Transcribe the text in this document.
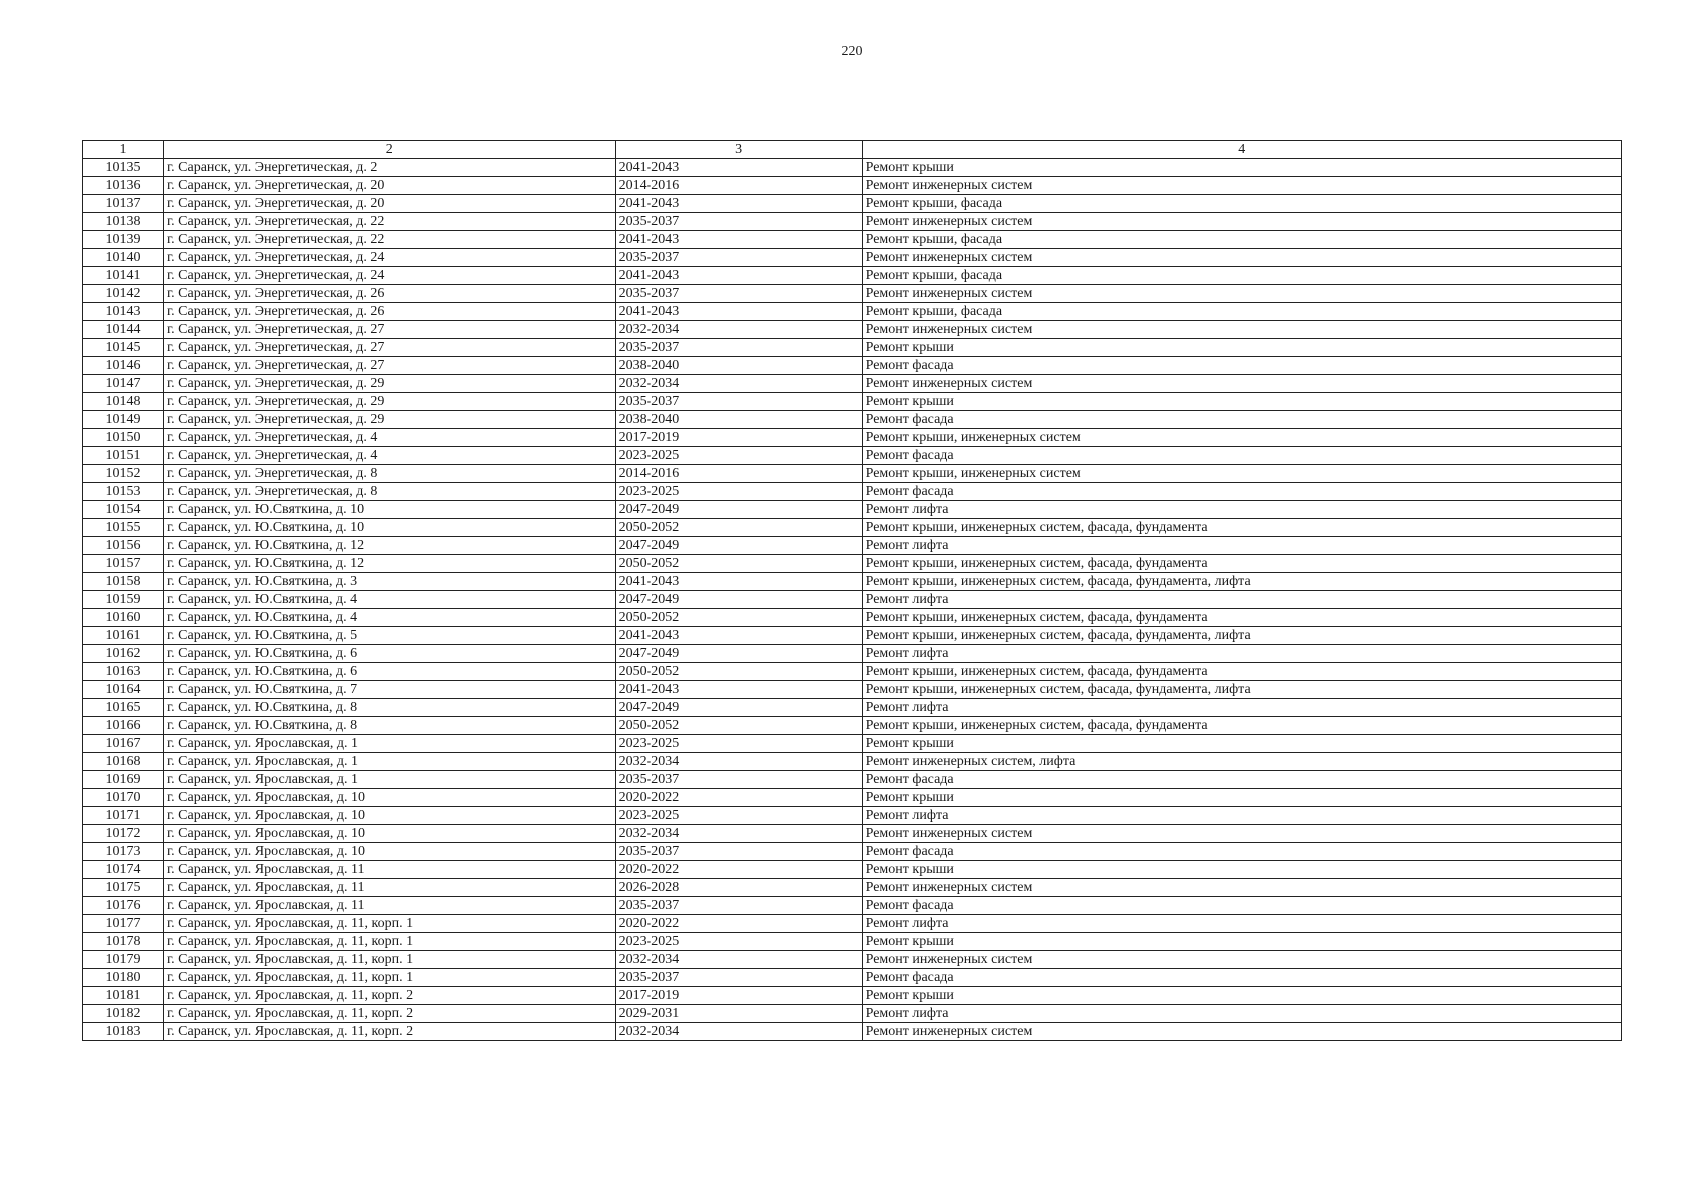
220
1	2	3	4
10135	г. Саранск, ул. Энергетическая, д. 2	2041-2043	Ремонт крыши
10136	г. Саранск, ул. Энергетическая, д. 20	2014-2016	Ремонт инженерных систем
10137	г. Саранск, ул. Энергетическая, д. 20	2041-2043	Ремонт крыши, фасада
10138	г. Саранск, ул. Энергетическая, д. 22	2035-2037	Ремонт инженерных систем
10139	г. Саранск, ул. Энергетическая, д. 22	2041-2043	Ремонт крыши, фасада
10140	г. Саранск, ул. Энергетическая, д. 24	2035-2037	Ремонт инженерных систем
10141	г. Саранск, ул. Энергетическая, д. 24	2041-2043	Ремонт крыши, фасада
10142	г. Саранск, ул. Энергетическая, д. 26	2035-2037	Ремонт инженерных систем
10143	г. Саранск, ул. Энергетическая, д. 26	2041-2043	Ремонт крыши, фасада
10144	г. Саранск, ул. Энергетическая, д. 27	2032-2034	Ремонт инженерных систем
10145	г. Саранск, ул. Энергетическая, д. 27	2035-2037	Ремонт крыши
10146	г. Саранск, ул. Энергетическая, д. 27	2038-2040	Ремонт фасада
10147	г. Саранск, ул. Энергетическая, д. 29	2032-2034	Ремонт инженерных систем
10148	г. Саранск, ул. Энергетическая, д. 29	2035-2037	Ремонт крыши
10149	г. Саранск, ул. Энергетическая, д. 29	2038-2040	Ремонт фасада
10150	г. Саранск, ул. Энергетическая, д. 4	2017-2019	Ремонт крыши, инженерных систем
10151	г. Саранск, ул. Энергетическая, д. 4	2023-2025	Ремонт фасада
10152	г. Саранск, ул. Энергетическая, д. 8	2014-2016	Ремонт крыши, инженерных систем
10153	г. Саранск, ул. Энергетическая, д. 8	2023-2025	Ремонт фасада
10154	г. Саранск, ул. Ю.Святкина, д. 10	2047-2049	Ремонт лифта
10155	г. Саранск, ул. Ю.Святкина, д. 10	2050-2052	Ремонт крыши, инженерных систем, фасада, фундамента
10156	г. Саранск, ул. Ю.Святкина, д. 12	2047-2049	Ремонт лифта
10157	г. Саранск, ул. Ю.Святкина, д. 12	2050-2052	Ремонт крыши, инженерных систем, фасада, фундамента
10158	г. Саранск, ул. Ю.Святкина, д. 3	2041-2043	Ремонт крыши, инженерных систем, фасада, фундамента, лифта
10159	г. Саранск, ул. Ю.Святкина, д. 4	2047-2049	Ремонт лифта
10160	г. Саранск, ул. Ю.Святкина, д. 4	2050-2052	Ремонт крыши, инженерных систем, фасада, фундамента
10161	г. Саранск, ул. Ю.Святкина, д. 5	2041-2043	Ремонт крыши, инженерных систем, фасада, фундамента, лифта
10162	г. Саранск, ул. Ю.Святкина, д. 6	2047-2049	Ремонт лифта
10163	г. Саранск, ул. Ю.Святкина, д. 6	2050-2052	Ремонт крыши, инженерных систем, фасада, фундамента
10164	г. Саранск, ул. Ю.Святкина, д. 7	2041-2043	Ремонт крыши, инженерных систем, фасада, фундамента, лифта
10165	г. Саранск, ул. Ю.Святкина, д. 8	2047-2049	Ремонт лифта
10166	г. Саранск, ул. Ю.Святкина, д. 8	2050-2052	Ремонт крыши, инженерных систем, фасада, фундамента
10167	г. Саранск, ул. Ярославская, д. 1	2023-2025	Ремонт крыши
10168	г. Саранск, ул. Ярославская, д. 1	2032-2034	Ремонт инженерных систем, лифта
10169	г. Саранск, ул. Ярославская, д. 1	2035-2037	Ремонт фасада
10170	г. Саранск, ул. Ярославская, д. 10	2020-2022	Ремонт крыши
10171	г. Саранск, ул. Ярославская, д. 10	2023-2025	Ремонт лифта
10172	г. Саранск, ул. Ярославская, д. 10	2032-2034	Ремонт инженерных систем
10173	г. Саранск, ул. Ярославская, д. 10	2035-2037	Ремонт фасада
10174	г. Саранск, ул. Ярославская, д. 11	2020-2022	Ремонт крыши
10175	г. Саранск, ул. Ярославская, д. 11	2026-2028	Ремонт инженерных систем
10176	г. Саранск, ул. Ярославская, д. 11	2035-2037	Ремонт фасада
10177	г. Саранск, ул. Ярославская, д. 11, корп. 1	2020-2022	Ремонт лифта
10178	г. Саранск, ул. Ярославская, д. 11, корп. 1	2023-2025	Ремонт крыши
10179	г. Саранск, ул. Ярославская, д. 11, корп. 1	2032-2034	Ремонт инженерных систем
10180	г. Саранск, ул. Ярославская, д. 11, корп. 1	2035-2037	Ремонт фасада
10181	г. Саранск, ул. Ярославская, д. 11, корп. 2	2017-2019	Ремонт крыши
10182	г. Саранск, ул. Ярославская, д. 11, корп. 2	2029-2031	Ремонт лифта
10183	г. Саранск, ул. Ярославская, д. 11, корп. 2	2032-2034	Ремонт инженерных систем
